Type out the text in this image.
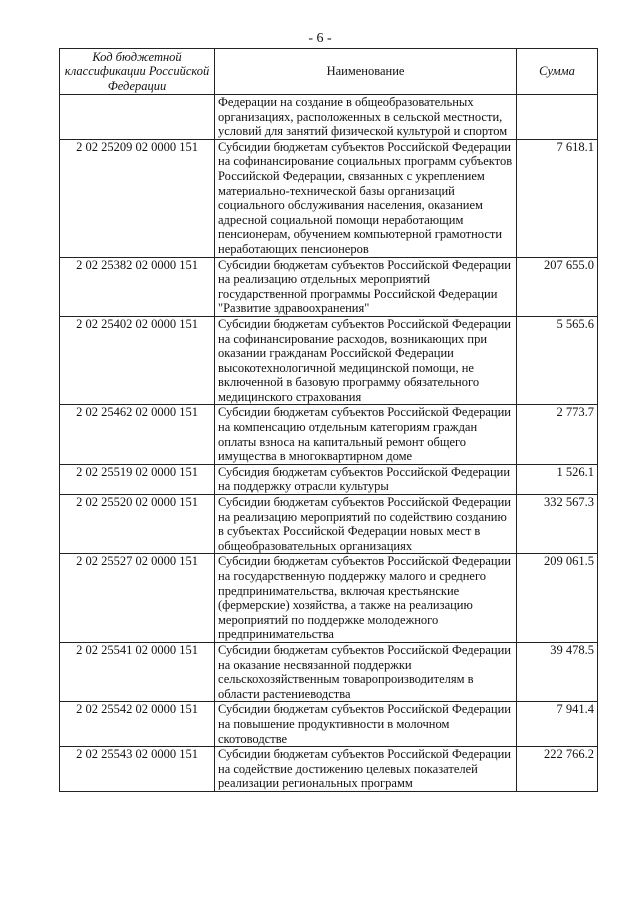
- 6 -
Код бюджетной классификации Российской Федерации	Наименование	Сумма
	Федерации на создание в общеобразовательных организациях, расположенных в сельской местности, условий для занятий физической культурой и спортом	
2 02 25209 02 0000 151	Субсидии бюджетам субъектов Российской Федерации на софинансирование социальных программ субъектов Российской Федерации, связанных с укреплением материально-технической базы организаций социального обслуживания населения, оказанием адресной социальной помощи неработающим пенсионерам, обучением компьютерной грамотности неработающих пенсионеров	7 618.1
2 02 25382 02 0000 151	Субсидии бюджетам субъектов Российской Федерации на реализацию отдельных мероприятий государственной программы Российской Федерации "Развитие здравоохранения"	207 655.0
2 02 25402 02 0000 151	Субсидии бюджетам субъектов Российской Федерации на софинансирование расходов, возникающих при оказании гражданам Российской Федерации высокотехнологичной медицинской помощи, не включенной в базовую программу обязательного медицинского страхования	5 565.6
2 02 25462 02 0000 151	Субсидии бюджетам субъектов Российской Федерации на компенсацию отдельным категориям граждан оплаты взноса на капитальный ремонт общего имущества в многоквартирном доме	2 773.7
2 02 25519 02 0000 151	Субсидия бюджетам субъектов Российской Федерации на поддержку отрасли культуры	1 526.1
2 02 25520 02 0000 151	Субсидии бюджетам субъектов Российской Федерации на реализацию мероприятий по содействию созданию в субъектах Российской Федерации новых мест в общеобразовательных организациях	332 567.3
2 02 25527 02 0000 151	Субсидии бюджетам субъектов Российской Федерации на государственную поддержку малого и среднего предпринимательства, включая крестьянские (фермерские) хозяйства, а также на реализацию мероприятий по поддержке молодежного предпринимательства	209 061.5
2 02 25541 02 0000 151	Субсидии бюджетам субъектов Российской Федерации на оказание несвязанной поддержки сельскохозяйственным товаропроизводителям в области растениеводства	39 478.5
2 02 25542 02 0000 151	Субсидии бюджетам субъектов Российской Федерации на повышение продуктивности в молочном скотоводстве	7 941.4
2 02 25543 02 0000 151	Субсидии бюджетам субъектов Российской Федерации на содействие достижению целевых показателей реализации региональных программ	222 766.2
